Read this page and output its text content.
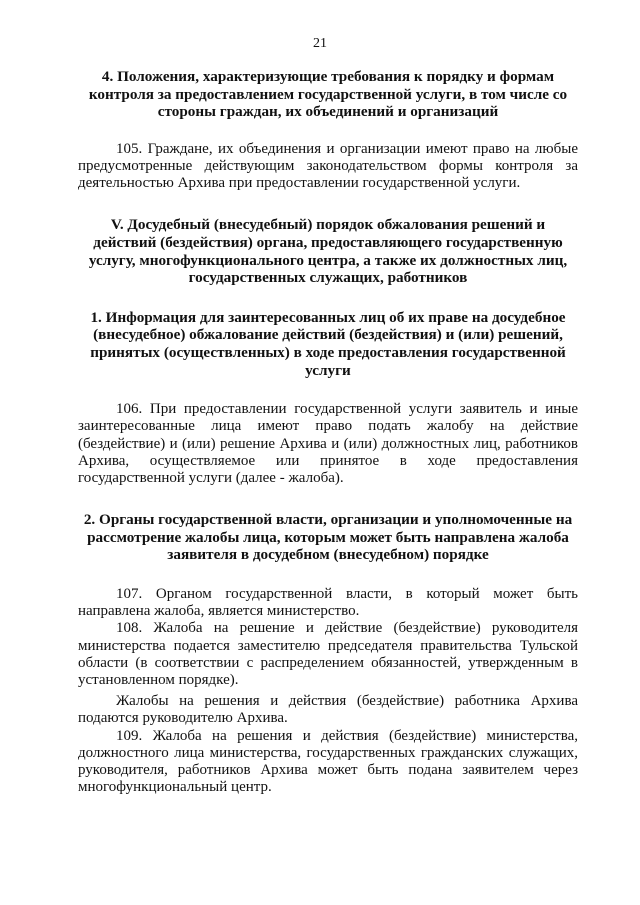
21

4. Положения, характеризующие требования к порядку и формам контроля за предоставлением государственной услуги, в том числе со стороны граждан, их объединений и организаций

105. Граждане, их объединения и организации имеют право на любые предусмотренные действующим законодательством формы контроля за деятельностью Архива при предоставлении государственной услуги.

V. Досудебный (внесудебный) порядок обжалования решений и действий (бездействия) органа, предоставляющего государственную услугу, многофункционального центра, а также их должностных лиц, государственных служащих, работников

1. Информация для заинтересованных лиц об их праве на досудебное (внесудебное) обжалование действий (бездействия) и (или) решений, принятых (осуществленных) в ходе предоставления государственной услуги

106. При предоставлении государственной услуги заявитель и иные заинтересованные лица имеют право подать жалобу на действие (бездействие) и (или) решение Архива и (или) должностных лиц, работников Архива, осуществляемое или принятое в ходе предоставления государственной услуги (далее - жалоба).

2. Органы государственной власти, организации и уполномоченные на рассмотрение жалобы лица, которым может быть направлена жалоба заявителя в досудебном (внесудебном) порядке

107. Органом государственной власти, в который может быть направлена жалоба, является министерство.

108. Жалоба на решение и действие (бездействие) руководителя министерства подается заместителю председателя правительства Тульской области (в соответствии с распределением обязанностей, утвержденным в установленном порядке).

Жалобы на решения и действия (бездействие) работника Архива подаются руководителю Архива.

109. Жалоба на решения и действия (бездействие) министерства, должностного лица министерства, государственных гражданских служащих, руководителя, работников Архива может быть подана заявителем через многофункциональный центр.
